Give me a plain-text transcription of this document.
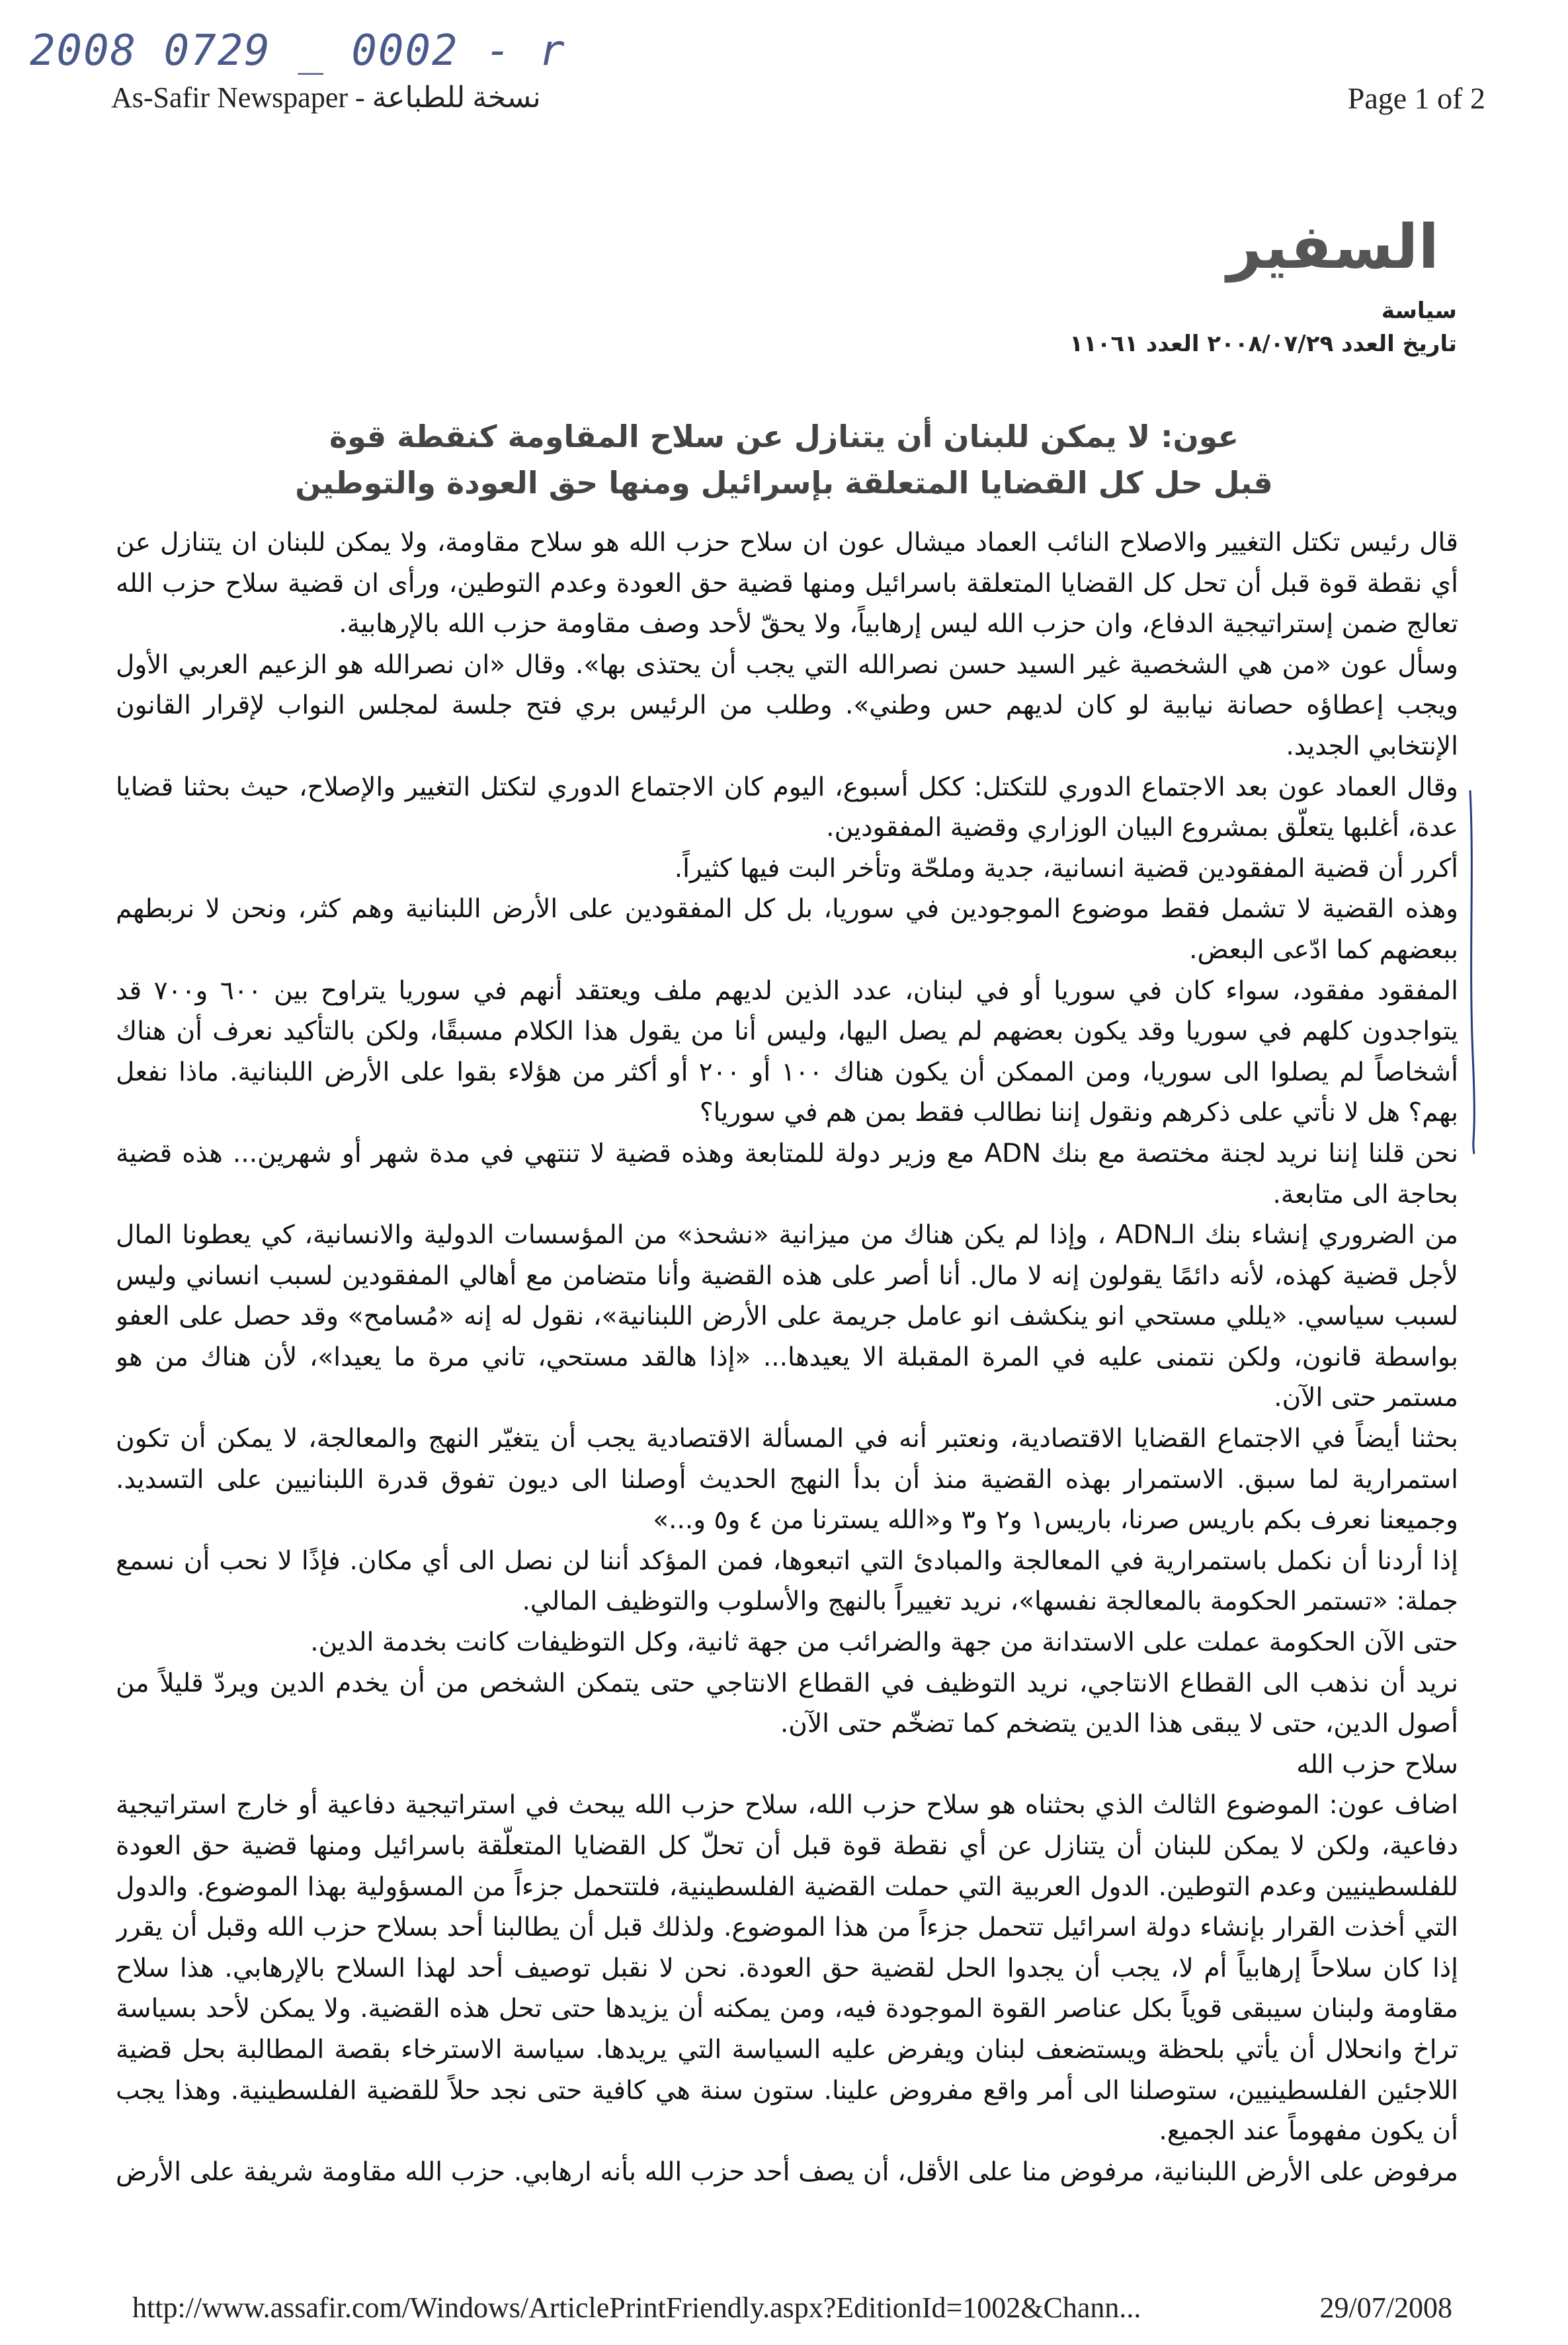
2008 0729 _ 0002 - r
As-Safir Newspaper - نسخة للطباعة	Page 1 of 2
السفير
سياسة
تاريخ العدد ٢٠٠٨/٠٧/٢٩ العدد ١١٠٦١
عون: لا يمكن للبنان أن يتنازل عن سلاح المقاومة كنقطة قوة
قبل حل كل القضايا المتعلقة بإسرائيل ومنها حق العودة والتوطين

قال رئيس تكتل التغيير والاصلاح النائب العماد ميشال عون ان سلاح حزب الله هو سلاح مقاومة، ولا يمكن للبنان ان يتنازل عن أي نقطة قوة قبل أن تحل كل القضايا المتعلقة باسرائيل ومنها قضية حق العودة وعدم التوطين، ورأى ان قضية سلاح حزب الله تعالج ضمن إستراتيجية الدفاع، وان حزب الله ليس إرهابياً، ولا يحقّ لأحد وصف مقاومة حزب الله بالإرهابية.

وسأل عون «من هي الشخصية غير السيد حسن نصرالله التي يجب أن يحتذى بها». وقال «ان نصرالله هو الزعيم العربي الأول ويجب إعطاؤه حصانة نيابية لو كان لديهم حس وطني». وطلب من الرئيس بري فتح جلسة لمجلس النواب لإقرار القانون الإنتخابي الجديد.

وقال العماد عون بعد الاجتماع الدوري للتكتل: ككل أسبوع، اليوم كان الاجتماع الدوري لتكتل التغيير والإصلاح، حيث بحثنا قضايا عدة، أغلبها يتعلّق بمشروع البيان الوزاري وقضية المفقودين.

أكرر أن قضية المفقودين قضية انسانية، جدية وملحّة وتأخر البت فيها كثيراً.

وهذه القضية لا تشمل فقط موضوع الموجودين في سوريا، بل كل المفقودين على الأرض اللبنانية وهم كثر، ونحن لا نربطهم ببعضهم كما ادّعى البعض.

المفقود مفقود، سواء كان في سوريا أو في لبنان، عدد الذين لديهم ملف ويعتقد أنهم في سوريا يتراوح بين ٦٠٠ و٧٠٠ قد يتواجدون كلهم في سوريا وقد يكون بعضهم لم يصل اليها، وليس أنا من يقول هذا الكلام مسبقًا، ولكن بالتأكيد نعرف أن هناك أشخاصاً لم يصلوا الى سوريا، ومن الممكن أن يكون هناك ١٠٠ أو ٢٠٠ أو أكثر من هؤلاء بقوا على الأرض اللبنانية. ماذا نفعل بهم؟ هل لا نأتي على ذكرهم ونقول إننا نطالب فقط بمن هم في سوريا؟

نحن قلنا إننا نريد لجنة مختصة مع بنك ADN مع وزير دولة للمتابعة وهذه قضية لا تنتهي في مدة شهر أو شهرين... هذه قضية بحاجة الى متابعة.

من الضروري إنشاء بنك الـADN ، وإذا لم يكن هناك من ميزانية «نشحذ» من المؤسسات الدولية والانسانية، كي يعطونا المال لأجل قضية كهذه، لأنه دائمًا يقولون إنه لا مال. أنا أصر على هذه القضية وأنا متضامن مع أهالي المفقودين لسبب انساني وليس لسبب سياسي. «يللي مستحي انو ينكشف انو عامل جريمة على الأرض اللبنانية»، نقول له إنه «مُسامح» وقد حصل على العفو بواسطة قانون، ولكن نتمنى عليه في المرة المقبلة الا يعيدها... «إذا هالقد مستحي، تاني مرة ما يعيدا»، لأن هناك من هو مستمر حتى الآن.

بحثنا أيضاً في الاجتماع القضايا الاقتصادية، ونعتبر أنه في المسألة الاقتصادية يجب أن يتغيّر النهج والمعالجة، لا يمكن أن تكون استمرارية لما سبق. الاستمرار بهذه القضية منذ أن بدأ النهج الحديث أوصلنا الى ديون تفوق قدرة اللبنانيين على التسديد. وجميعنا نعرف بكم باريس صرنا، باريس١ و٢ و٣ و«الله يسترنا من ٤ و٥ و...»

إذا أردنا أن نكمل باستمرارية في المعالجة والمبادئ التي اتبعوها، فمن المؤكد أننا لن نصل الى أي مكان. فإذًا لا نحب أن نسمع جملة: «تستمر الحكومة بالمعالجة نفسها»، نريد تغييراً بالنهج والأسلوب والتوظيف المالي.

حتى الآن الحكومة عملت على الاستدانة من جهة والضرائب من جهة ثانية، وكل التوظيفات كانت بخدمة الدين.

نريد أن نذهب الى القطاع الانتاجي، نريد التوظيف في القطاع الانتاجي حتى يتمكن الشخص من أن يخدم الدين ويردّ قليلاً من أصول الدين، حتى لا يبقى هذا الدين يتضخم كما تضخّم حتى الآن.

سلاح حزب الله

اضاف عون: الموضوع الثالث الذي بحثناه هو سلاح حزب الله، سلاح حزب الله يبحث في استراتيجية دفاعية أو خارج استراتيجية دفاعية، ولكن لا يمكن للبنان أن يتنازل عن أي نقطة قوة قبل أن تحلّ كل القضايا المتعلّقة باسرائيل ومنها قضية حق العودة للفلسطينيين وعدم التوطين. الدول العربية التي حملت القضية الفلسطينية، فلتتحمل جزءاً من المسؤولية بهذا الموضوع. والدول التي أخذت القرار بإنشاء دولة اسرائيل تتحمل جزءاً من هذا الموضوع. ولذلك قبل أن يطالبنا أحد بسلاح حزب الله وقبل أن يقرر إذا كان سلاحاً إرهابياً أم لا، يجب أن يجدوا الحل لقضية حق العودة. نحن لا نقبل توصيف أحد لهذا السلاح بالإرهابي. هذا سلاح مقاومة ولبنان سيبقى قوياً بكل عناصر القوة الموجودة فيه، ومن يمكنه أن يزيدها حتى تحل هذه القضية. ولا يمكن لأحد بسياسة تراخ وانحلال أن يأتي بلحظة ويستضعف لبنان ويفرض عليه السياسة التي يريدها. سياسة الاسترخاء بقصة المطالبة بحل قضية اللاجئين الفلسطينيين، ستوصلنا الى أمر واقع مفروض علينا. ستون سنة هي كافية حتى نجد حلاً للقضية الفلسطينية. وهذا يجب أن يكون مفهوماً عند الجميع.

مرفوض على الأرض اللبنانية، مرفوض منا على الأقل، أن يصف أحد حزب الله بأنه ارهابي. حزب الله مقاومة شريفة على الأرض

http://www.assafir.com/Windows/ArticlePrintFriendly.aspx?EditionId=1002&Chann...	29/07/2008
